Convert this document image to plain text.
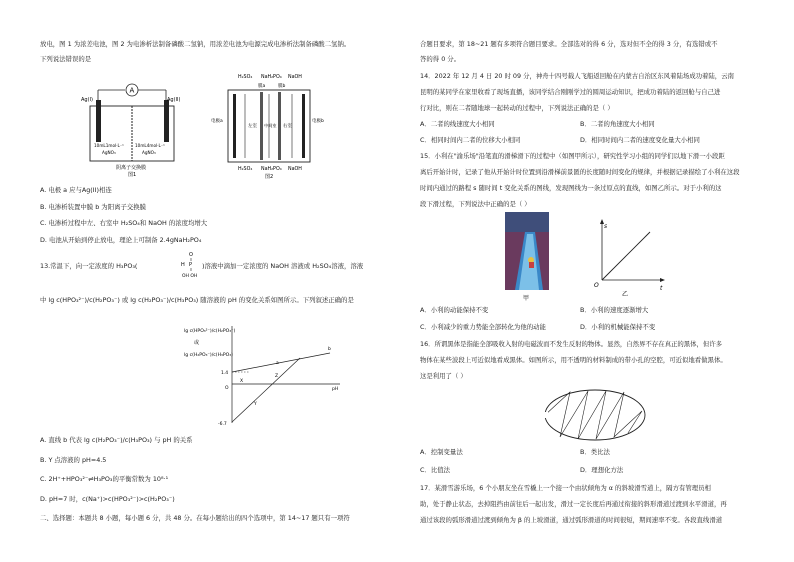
放电，图 1 为浓差电池，图 2 为电渗析法制备磷酸二氢钠，用浓差电池为电源完成电渗析法制备磷酸二氢钠。
下列说法错误的是
A
Ag(I)	Ag(II)
10mL1mol·L⁻¹
AgNO₃
10mL4mol·L⁻¹
AgNO₃
阴离子交换膜
图1
H₂SO₄ NaH₂PO₄ NaOH
膜a	膜b
左室 中间室 右室
电极a	电极b
H₂SO₄ NaH₂PO₄ NaOH
图2
A. 电极 a 应与Ag(II)相连
B. 电渗析装置中膜 b 为阳离子交换膜
C. 电渗析过程中左、右室中 H₂SO₄和 NaOH 的浓度均增大
D. 电池从开始到停止放电，理论上可制备 2.4gNaH₂PO₄
13.常温下，向一定浓度的 H₃PO₃(
O
H P
OH OH
)溶液中滴加一定浓度的 NaOH 溶液或 H₂SO₄溶液，溶液
中 lg c(HPO₃²⁻)/c(H₂PO₃⁻) 或 lg c(H₂PO₃⁻)/c(H₃PO₃) 随溶液的 pH 的变化关系如图所示。下列叙述正确的是
lg c(HPO₃²⁻)/c(H₂PO₃⁻)
或
lg c(H₂PO₃⁻)/c(H₃PO₃)
1.4
-6.7
O	pH
X
Y
Z
a
b
A. 直线 b 代表 lg c(H₂PO₃⁻)/c(H₃PO₃) 与 pH 的关系
B. Y 点溶液的 pH=4.5
C. 2H⁺+HPO₃²⁻⇌H₃PO₃的平衡常数为 10⁸·¹
D. pH=7 时，c(Na⁺)>c(HPO₃²⁻)>c(H₂PO₃⁻)
二、选择题：本题共 8 小题，每小题 6 分，共 48 分。在每小题给出的四个选项中，第 14~17 题只有一项符
合题目要求，第 18~21 题有多项符合题目要求。全部选对的得 6 分，选对但不全的得 3 分，有选错或不
答的得 0 分。
14．2022 年 12 月 4 日 20 时 09 分，神舟十四号载人飞船返回舱在内蒙古自治区东风着陆场成功着陆，云南
昆明的某同学在家里收看了现场直播，该同学结合刚刚学过的圆周运动知识，把成功着陆的返回舱与自己进
行对比，则在二者随地球一起转动的过程中，下列说法正确的是（ ）
A．二者的线速度大小相同	B．二者的角速度大小相同
C．相同时间内二者的位移大小相同	D．相同时间内二者的速度变化量大小相同
15．小利在"渝乐场"沿笔直的滑梯滑下的过程中（如图甲所示），研究性学习小组的同学们以地下滑一小段距
离后开始计时，记录了他从开始计时位置到沿滑梯前景匿的长度随时间变化的规律，并根据记录描绘了小利在这段
时间内通过的路程 s 随时间 t 变化关系的图线，发现图线为一条过原点的直线，如图乙所示。对于小利的这
段下滑过程，下列说法中正确的是（ ）
甲
s
t
O
乙
A．小利的动能保持不变	B．小利的速度逐渐增大
C．小利减少的重力势能全部转化为他的动能	D．小利的机械能保持不变
16．所谓黑体是指能全部吸收入射的电磁波而不发生反射的物体。显然，自然界不存在真正的黑体，但许多
物体在某些波段上可近似地看成黑体。如图所示，用不透明的材料制成的带小孔的空腔，可近似地看做黑体。
这是利用了（ ）
A．控制变量法	B．类比法
C．比值法	D．理想化方法
17．某滑雪游乐场，6 个小朋友坐在雪橇上一个接一个由状倾角为 α 的斜坡滑雪道上，隔方有管理员相
助，处于静止状态，去掉阻挡由前往后一起出发，滑过一定长度后再通过衔接的斜形滑道过渡到水平滑道，再
通过该段的弧形滑道过渡到倾角为 β 的上坡滑道，通过弧形滑道的时间很短，期间速率不变。各段直线滑道
